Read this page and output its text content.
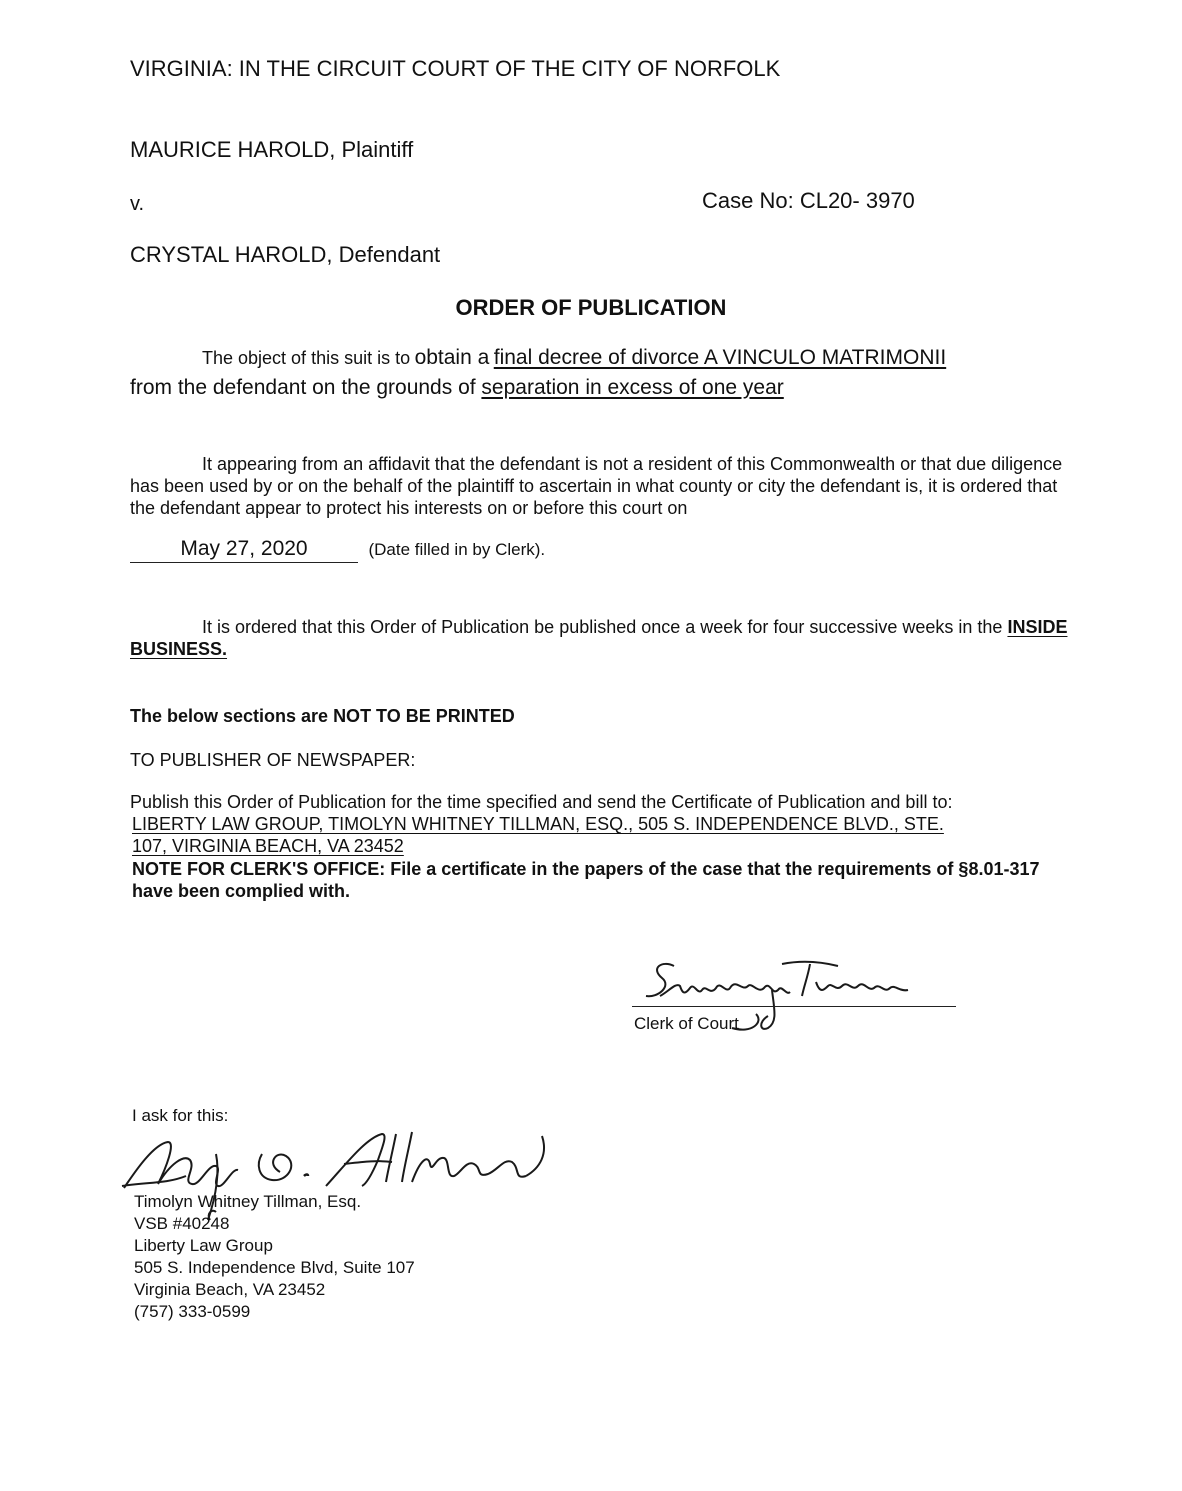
VIRGINIA: IN THE CIRCUIT COURT OF THE CITY OF NORFOLK
MAURICE HAROLD, Plaintiff
v.	Case No: CL20- 3970
CRYSTAL HAROLD, Defendant
ORDER OF PUBLICATION
The object of this suit is to obtain a final decree of divorce A VINCULO MATRIMONII
from the defendant on the grounds of separation in excess of one year

It appearing from an affidavit that the defendant is not a resident of this Commonwealth or that due diligence has been used by or on the behalf of the plaintiff to ascertain in what county or city the defendant is, it is ordered that the defendant appear to protect his interests on or before this court on

May 27, 2020	(Date filled in by Clerk).

It is ordered that this Order of Publication be published once a week for four successive weeks in the INSIDE BUSINESS.

The below sections are NOT TO BE PRINTED
TO PUBLISHER OF NEWSPAPER:
Publish this Order of Publication for the time specified and send the Certificate of Publication and bill to:
LIBERTY LAW GROUP, TIMOLYN WHITNEY TILLMAN, ESQ., 505 S. INDEPENDENCE BLVD., STE.
107, VIRGINIA BEACH, VA 23452

NOTE FOR CLERK'S OFFICE: File a certificate in the papers of the case that the requirements of §8.01-317 have been complied with.

Clerk of Court
I ask for this:
Timolyn Whitney Tillman, Esq.
VSB #40248
Liberty Law Group
505 S. Independence Blvd, Suite 107
Virginia Beach, VA 23452
(757) 333-0599
